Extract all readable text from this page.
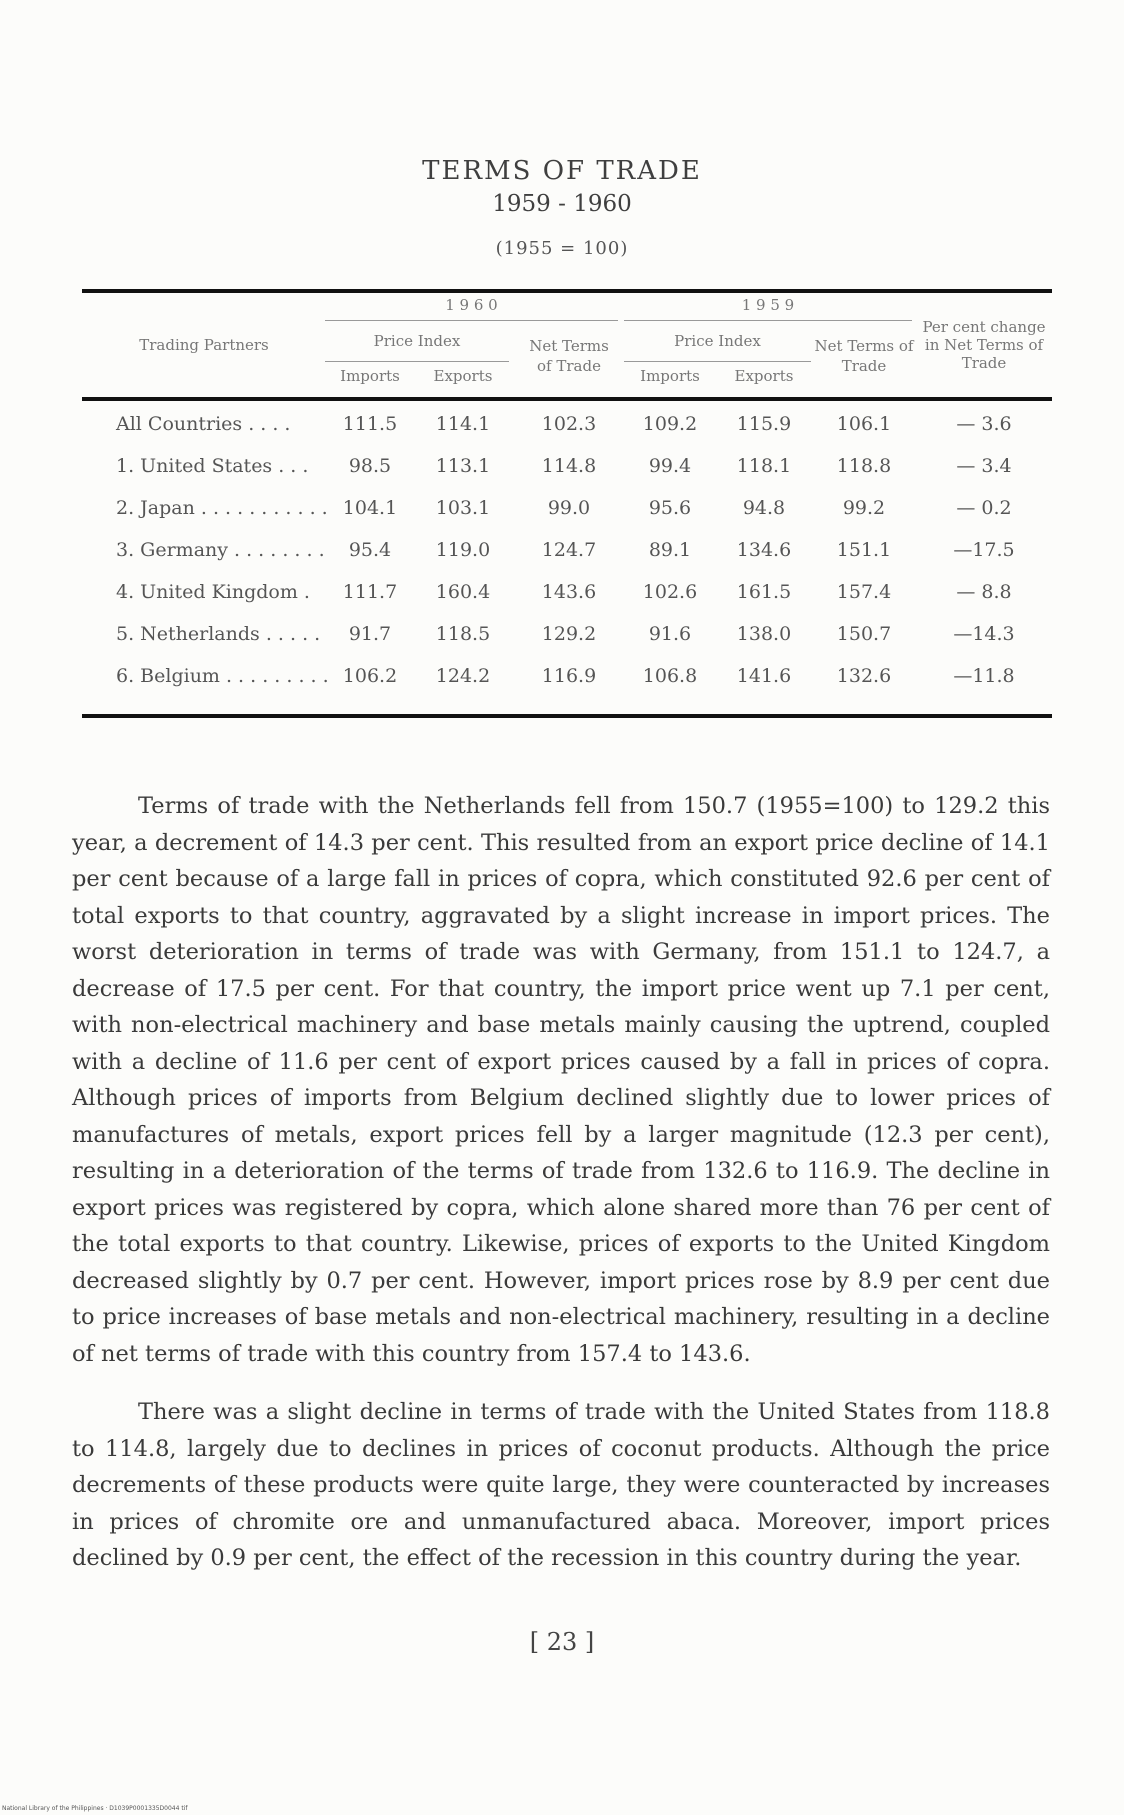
TERMS OF TRADE
1959 - 1960
(1955 = 100)
Trading Partners
1 9 6 0	1 9 5 9
Price Index	Price Index
Imports	Exports
Net Terms of Trade
Imports	Exports
Net Terms of Trade
Per cent change in Net Terms of Trade
All Countries . . . .	111.5	114.1	102.3	109.2	115.9	106.1	— 3.6
1. United States . . .	98.5	113.1	114.8	99.4	118.1	118.8	— 3.4
2. Japan . . . . . . . . . . . 104.1	103.1	99.0	95.6	94.8	99.2	— 0.2
3. Germany . . . . . . . .	95.4	119.0	124.7	89.1	134.6	151.1	—17.5
4. United Kingdom .	111.7	160.4	143.6	102.6	161.5	157.4	— 8.8
5. Netherlands . . . . .	91.7	118.5	129.2	91.6	138.0	150.7	—14.3
6. Belgium . . . . . . . . . 106.2	124.2	116.9	106.8	141.6	132.6	—11.8
Terms of trade with the Netherlands fell from 150.7 (1955=100) to 129.2 this year, a decrement of 14.3 per cent. This resulted from an export price decline of 14.1 per cent because of a large fall in prices of copra, which constituted 92.6 per cent of total exports to that country, aggravated by a slight increase in import prices. The worst deterioration in terms of trade was with Germany, from 151.1 to 124.7, a decrease of 17.5 per cent. For that country, the import price went up 7.1 per cent, with non-electrical machinery and base metals mainly causing the uptrend, coupled with a decline of 11.6 per cent of export prices caused by a fall in prices of copra. Although prices of imports from Belgium declined slightly due to lower prices of manufactures of metals, export prices fell by a larger magnitude (12.3 per cent), resulting in a deterioration of the terms of trade from 132.6 to 116.9. The decline in export prices was registered by copra, which alone shared more than 76 per cent of the total exports to that country. Likewise, prices of exports to the United Kingdom decreased slightly by 0.7 per cent. However, import prices rose by 8.9 per cent due to price increases of base metals and non-electrical machinery, resulting in a decline of net terms of trade with this country from 157.4 to 143.6.
There was a slight decline in terms of trade with the United States from 118.8 to 114.8, largely due to declines in prices of coconut products. Although the price decrements of these products were quite large, they were counteracted by increases in prices of chromite ore and unmanufactured abaca. Moreover, import prices declined by 0.9 per cent, the effect of the recession in this country during the year.
[ 23 ]
National Library of the Philippines · D1039P0001335D0044 tif
